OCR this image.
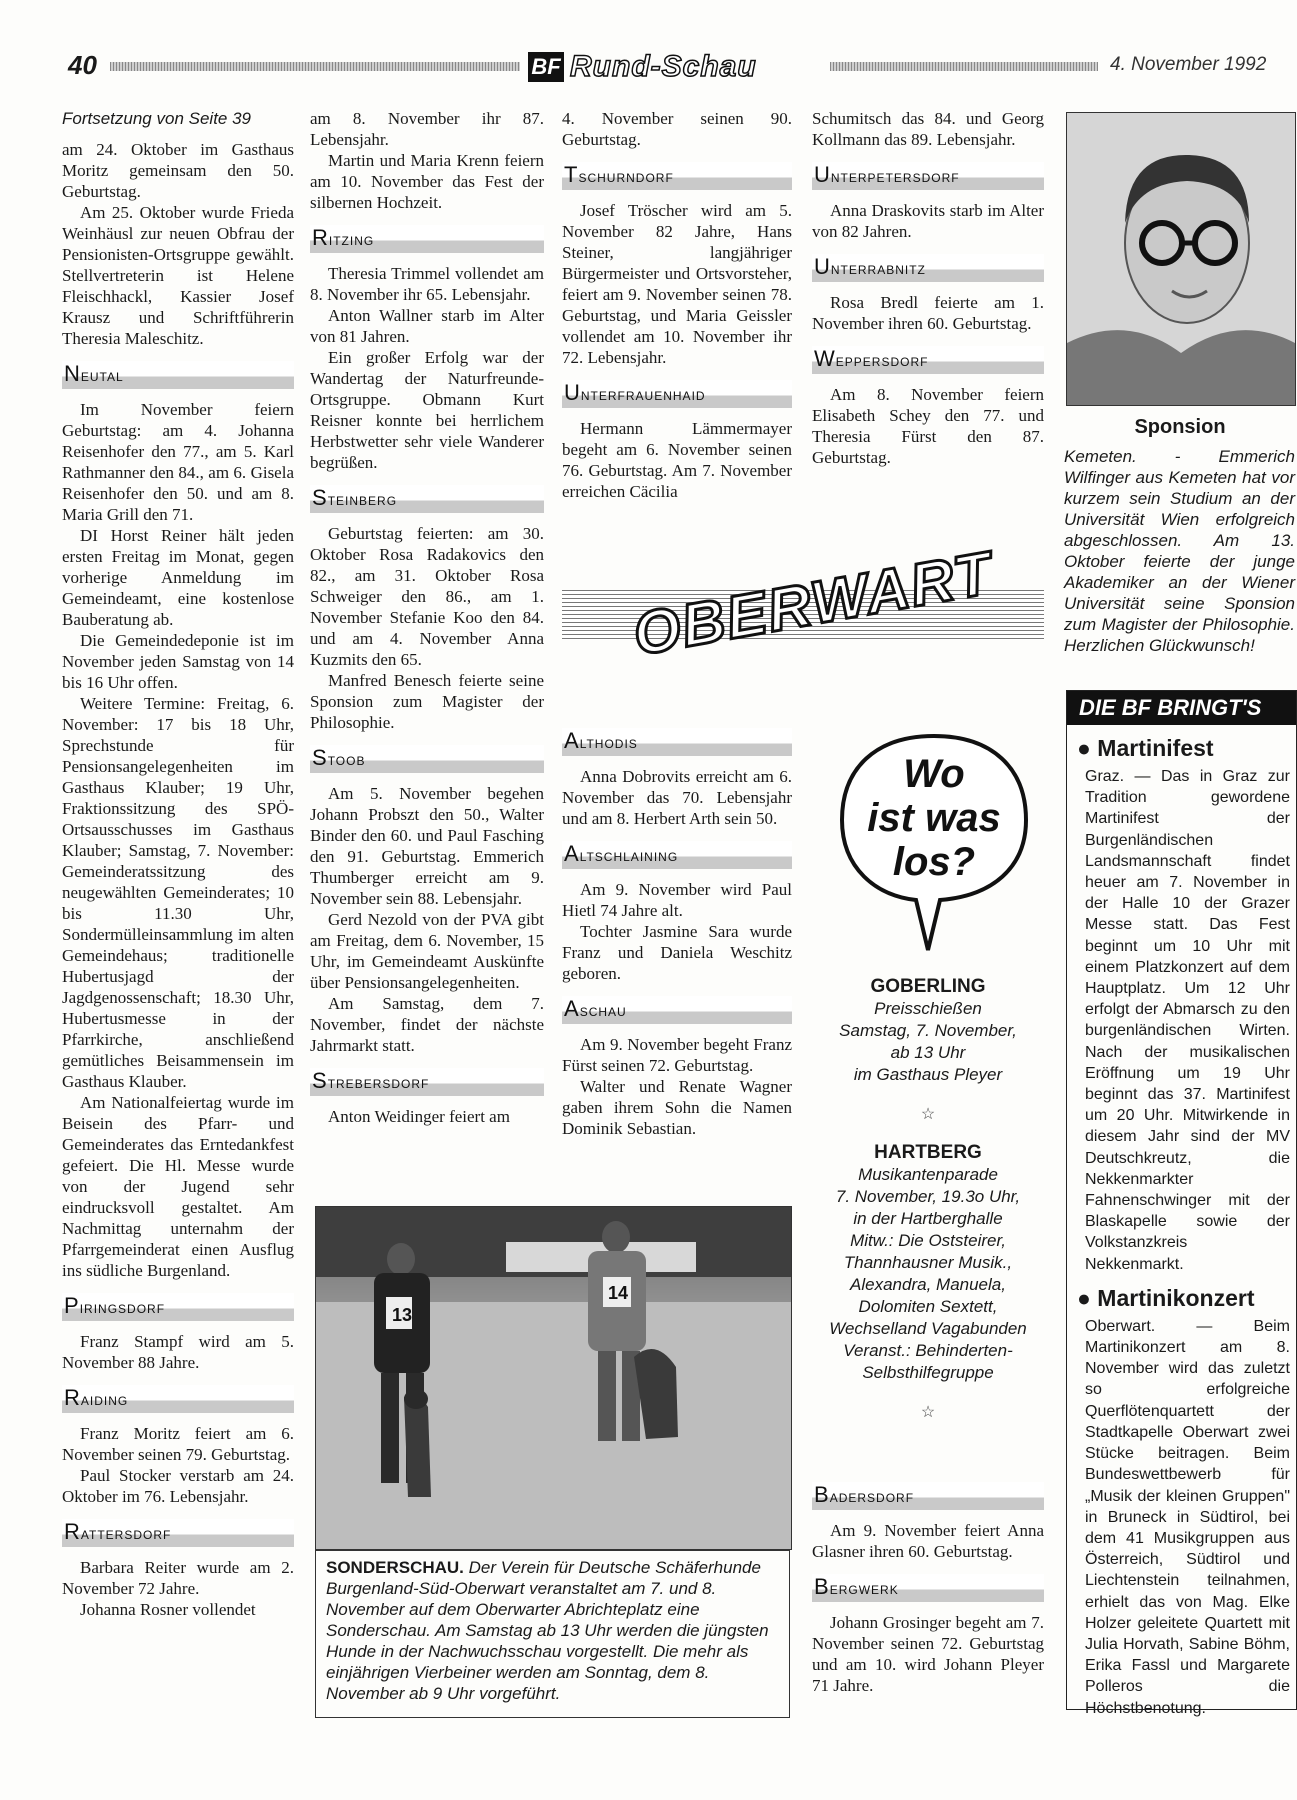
40	BF Rund-Schau	4. November 1992

Fortsetzung von Seite 39

am 24. Oktober im Gasthaus Moritz gemeinsam den 50. Geburtstag.

Am 25. Oktober wurde Frieda Weinhäusl zur neuen Obfrau der Pensionisten-Ortsgruppe gewählt. Stellvertreterin ist Helene Fleischhackl, Kassier Josef Krausz und Schriftführerin Theresia Maleschitz.

Neutal

Im November feiern Geburtstag: am 4. Johanna Reisenhofer den 77., am 5. Karl Rathmanner den 84., am 6. Gisela Reisenhofer den 50. und am 8. Maria Grill den 71.

DI Horst Reiner hält jeden ersten Freitag im Monat, gegen vorherige Anmeldung im Gemeindeamt, eine kostenlose Bauberatung ab.

Die Gemeindedeponie ist im November jeden Samstag von 14 bis 16 Uhr offen.

Weitere Termine: Freitag, 6. November: 17 bis 18 Uhr, Sprechstunde für Pensionsangelegenheiten im Gasthaus Klauber; 19 Uhr, Fraktionssitzung des SPÖ-Ortsausschusses im Gasthaus Klauber; Samstag, 7. November: Gemeinderatssitzung des neugewählten Gemeinderates; 10 bis 11.30 Uhr, Sondermülleinsammlung im alten Gemeindehaus; traditionelle Hubertusjagd der Jagdgenossenschaft; 18.30 Uhr, Hubertusmesse in der Pfarrkirche, anschließend gemütliches Beisammensein im Gasthaus Klauber.

Am Nationalfeiertag wurde im Beisein des Pfarr- und Gemeinderates das Erntedankfest gefeiert. Die Hl. Messe wurde von der Jugend sehr eindrucksvoll gestaltet. Am Nachmittag unternahm der Pfarrgemeinderat einen Ausflug ins südliche Burgenland.

Piringsdorf

Franz Stampf wird am 5. November 88 Jahre.

Raiding

Franz Moritz feiert am 6. November seinen 79. Geburtstag.

Paul Stocker verstarb am 24. Oktober im 76. Lebensjahr.

Rattersdorf

Barbara Reiter wurde am 2. November 72 Jahre.

Johanna Rosner vollendet

am 8. November ihr 87. Lebensjahr.

Martin und Maria Krenn feiern am 10. November das Fest der silbernen Hochzeit.

Ritzing

Theresia Trimmel vollendet am 8. November ihr 65. Lebensjahr.

Anton Wallner starb im Alter von 81 Jahren.

Ein großer Erfolg war der Wandertag der Naturfreunde-Ortsgruppe. Obmann Kurt Reisner konnte bei herrlichem Herbstwetter sehr viele Wanderer begrüßen.

Steinberg

Geburtstag feierten: am 30. Oktober Rosa Radakovics den 82., am 31. Oktober Rosa Schweiger den 86., am 1. November Stefanie Koo den 84. und am 4. November Anna Kuzmits den 65.

Manfred Benesch feierte seine Sponsion zum Magister der Philosophie.

Stoob

Am 5. November begehen Johann Probszt den 50., Walter Binder den 60. und Paul Fasching den 91. Geburtstag. Emmerich Thumberger erreicht am 9. November sein 88. Lebensjahr.

Gerd Nezold von der PVA gibt am Freitag, dem 6. November, 15 Uhr, im Gemeindeamt Auskünfte über Pensionsangelegenheiten.

Am Samstag, dem 7. November, findet der nächste Jahrmarkt statt.

Strebersdorf

Anton Weidinger feiert am

4. November seinen 90. Geburtstag.

Tschurndorf

Josef Tröscher wird am 5. November 82 Jahre, Hans Steiner, langjähriger Bürgermeister und Ortsvorsteher, feiert am 9. November seinen 78. Geburtstag, und Maria Geissler vollendet am 10. November ihr 72. Lebensjahr.

Unterfrauenhaid

Hermann Lämmermayer begeht am 6. November seinen 76. Geburtstag. Am 7. November erreichen Cäcilia

Schumitsch das 84. und Georg Kollmann das 89. Lebensjahr.

Unterpetersdorf

Anna Draskovits starb im Alter von 82 Jahren.

Unterrabnitz

Rosa Bredl feierte am 1. November ihren 60. Geburtstag.

Weppersdorf

Am 8. November feiern Elisabeth Schey den 77. und Theresia Fürst den 87. Geburtstag.

OBERWART
Althodis

Anna Dobrovits erreicht am 6. November das 70. Lebensjahr und am 8. Herbert Arth sein 50.

Altschlaining

Am 9. November wird Paul Hietl 74 Jahre alt.

Tochter Jasmine Sara wurde Franz und Daniela Weschitz geboren.

Aschau

Am 9. November begeht Franz Fürst seinen 72. Geburtstag.

Walter und Renate Wagner gaben ihrem Sohn die Namen Dominik Sebastian.

Wo
ist was
los?
GOBERLING
Preisschießen
Samstag, 7. November,
ab 13 Uhr
im Gasthaus Pleyer
☆
HARTBERG
Musikantenparade
7. November, 19.3o Uhr,
in der Hartberghalle
Mitw.: Die Oststeirer,
Thannhausner Musik.,
Alexandra, Manuela,
Dolomiten Sextett,
Wechselland Vagabunden
Veranst.: Behinderten-
Selbsthilfegruppe
☆
Badersdorf

Am 9. November feiert Anna Glasner ihren 60. Geburtstag.

Bergwerk

Johann Grosinger begeht am 7. November seinen 72. Geburtstag und am 10. wird Johann Pleyer 71 Jahre.

13
14
SONDERSCHAU. Der Verein für Deutsche Schäferhunde Burgenland-Süd-Oberwart veranstaltet am 7. und 8. November auf dem Oberwarter Abrichteplatz eine Sonderschau. Am Samstag ab 13 Uhr werden die jüngsten Hunde in der Nachwuchsschau vorgestellt. Die mehr als einjährigen Vierbeiner werden am Sonntag, dem 8. November ab 9 Uhr vorgeführt.
Sponsion
Kemeten. - Emmerich Wilfinger aus Kemeten hat vor kurzem sein Studium an der Universität Wien erfolgreich abgeschlossen. Am 13. Oktober feierte der junge Akademiker an der Wiener Universität seine Sponsion zum Magister der Philosophie. Herzlichen Glückwunsch!
DIE BF BRINGT'S
● Martinifest
Graz. — Das in Graz zur Tradition gewordene Martinifest der Burgenländischen Landsmannschaft findet heuer am 7. November in der Halle 10 der Grazer Messe statt. Das Fest beginnt um 10 Uhr mit einem Platzkonzert auf dem Hauptplatz. Um 12 Uhr erfolgt der Abmarsch zu den burgenländischen Wirten. Nach der musikalischen Eröffnung um 19 Uhr beginnt das 37. Martinifest um 20 Uhr. Mitwirkende in diesem Jahr sind der MV Deutschkreutz, die Nekkenmarkter Fahnenschwinger mit der Blaskapelle sowie der Volkstanzkreis Nekkenmarkt.
● Martinikonzert
Oberwart. — Beim Martinikonzert am 8. November wird das zuletzt so erfolgreiche Querflötenquartett der Stadtkapelle Oberwart zwei Stücke beitragen. Beim Bundeswettbewerb für „Musik der kleinen Gruppen" in Bruneck in Südtirol, bei dem 41 Musikgruppen aus Österreich, Südtirol und Liechtenstein teilnahmen, erhielt das von Mag. Elke Holzer geleitete Quartett mit Julia Horvath, Sabine Böhm, Erika Fassl und Margarete Polleros die Höchstbenotung.
